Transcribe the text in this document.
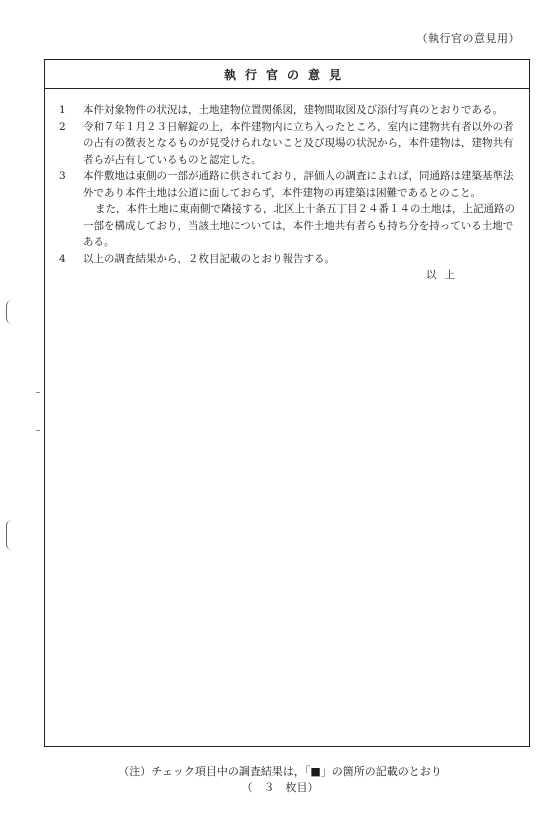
（執行官の意見用）
執行官の意見

1 本件対象物件の状況は，土地建物位置関係図，建物間取図及び添付写真のとおりである。

2 令和７年１月２３日解錠の上，本件建物内に立ち入ったところ，室内に建物共有者以外の者の占有の徴表となるものが見受けられないこと及び現場の状況から，本件建物は，建物共有者らが占有しているものと認定した。

3 本件敷地は東側の一部が通路に供されており，評価人の調査によれば，同通路は建築基準法外であり本件土地は公道に面しておらず，本件建物の再建築は困難であるとのこと。

また，本件土地に東南側で隣接する，北区上十条五丁目２４番１４の土地は，上記通路の一部を構成しており，当該土地については，本件土地共有者らも持ち分を持っている土地である。

4 以上の調査結果から，２枚目記載のとおり報告する。

以上

（注）チェック項目中の調査結果は，「■」の箇所の記載のとおり
（　３　枚目）
